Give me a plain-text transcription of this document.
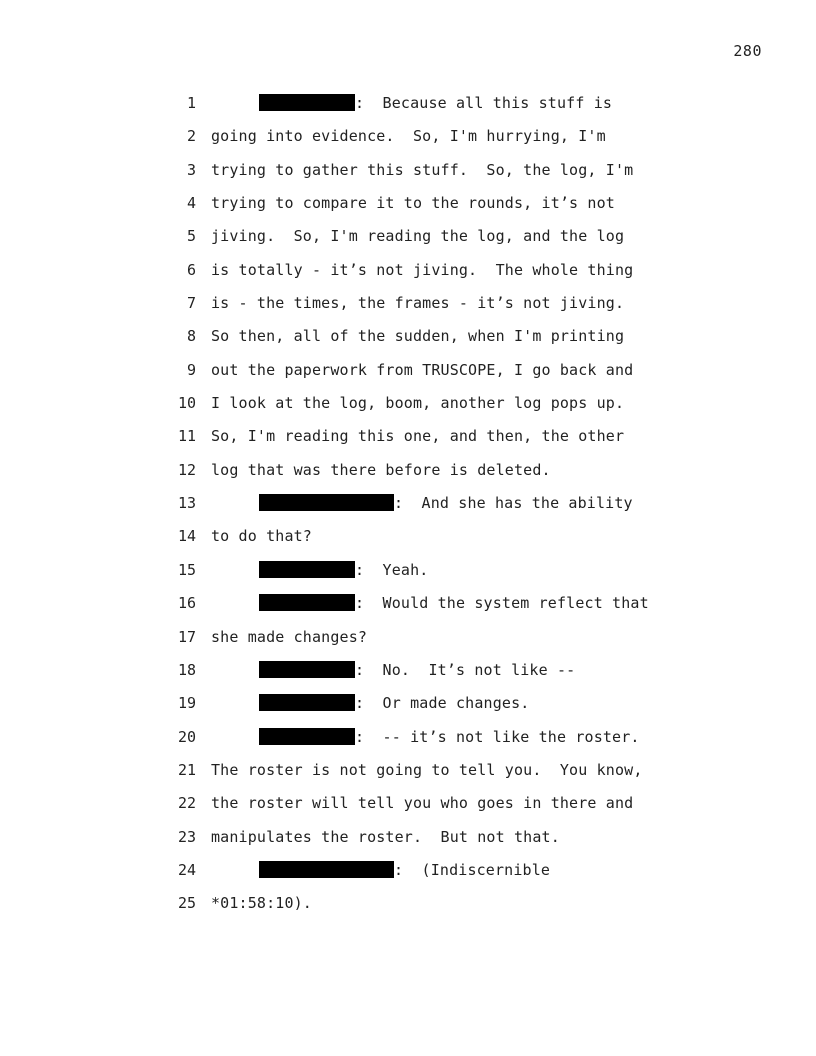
280
1	:  Because all this stuff is
2 going into evidence.  So, I'm hurrying, I'm
3 trying to gather this stuff.  So, the log, I'm
4 trying to compare it to the rounds, it’s not
5 jiving.  So, I'm reading the log, and the log
6 is totally - it’s not jiving.  The whole thing
7 is - the times, the frames - it’s not jiving.
8 So then, all of the sudden, when I'm printing
9 out the paperwork from TRUSCOPE, I go back and
10 I look at the log, boom, another log pops up.
11 So, I'm reading this one, and then, the other
12 log that was there before is deleted.
13	:  And she has the ability
14 to do that?
15	:  Yeah.
16	:  Would the system reflect that
17 she made changes?
18	:  No.  It’s not like --
19	:  Or made changes.
20	:  -- it’s not like the roster.
21 The roster is not going to tell you.  You know,
22 the roster will tell you who goes in there and
23 manipulates the roster.  But not that.
24	:  (Indiscernible
25 *01:58:10).
